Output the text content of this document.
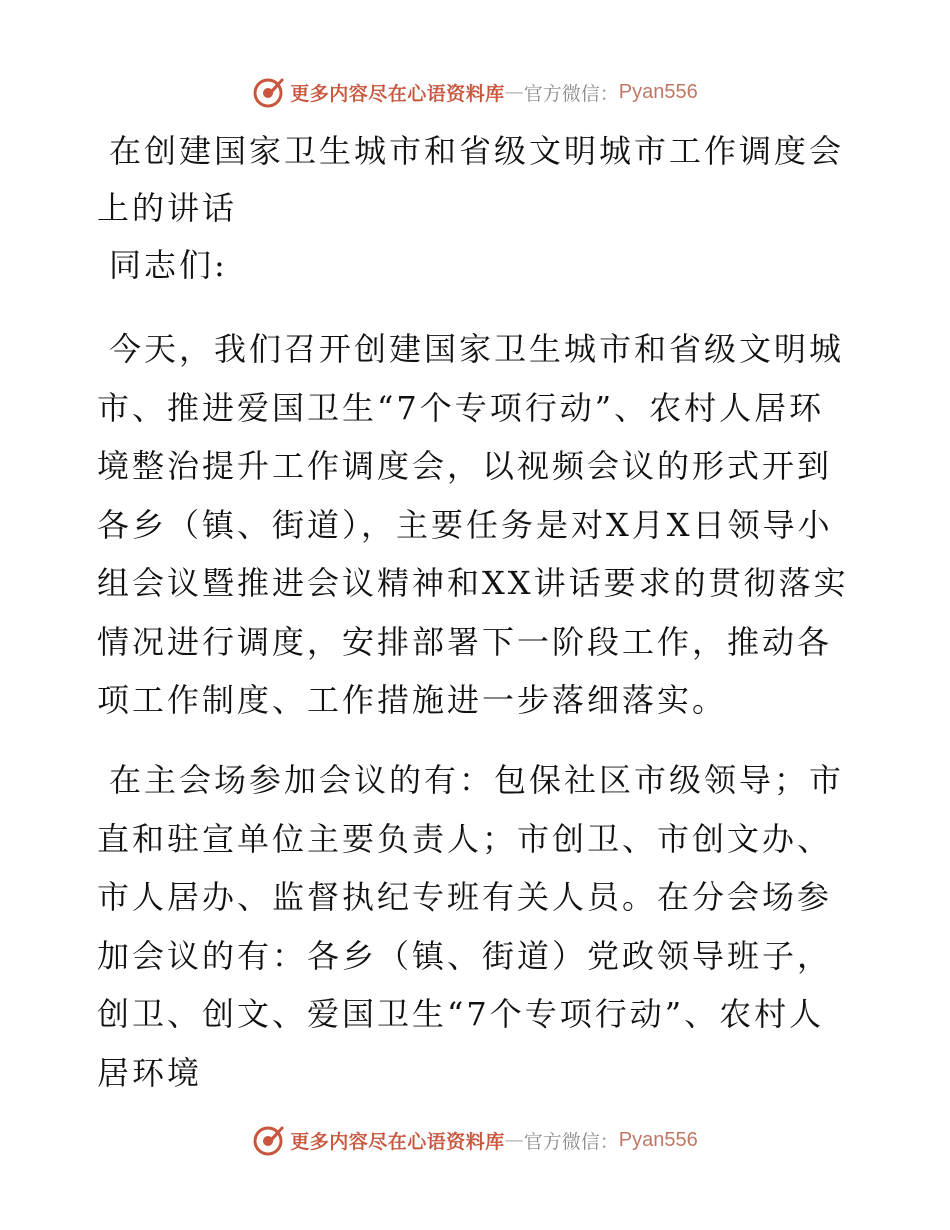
更多内容尽在心语资料库 — 官方微信： Pyan556

在创建国家卫生城市和省级文明城市工作调度会上的讲话

同志们:

今天，我们召开创建国家卫生城市和省级文明城市、推进爱国卫生“7个专项行动”、农村人居环境整治提升工作调度会，以视频会议的形式开到各乡（镇、街道），主要任务是对X月X日领导小组会议暨推进会议精神和XX讲话要求的贯彻落实情况进行调度，安排部署下一阶段工作，推动各项工作制度、工作措施进一步落细落实。

在主会场参加会议的有：包保社区市级领导；市直和驻宣单位主要负责人；市创卫、市创文办、市人居办、监督执纪专班有关人员。在分会场参加会议的有：各乡（镇、街道）党政领导班子，创卫、创文、爱国卫生“7个专项行动”、农村人居环境

更多内容尽在心语资料库 — 官方微信： Pyan556
